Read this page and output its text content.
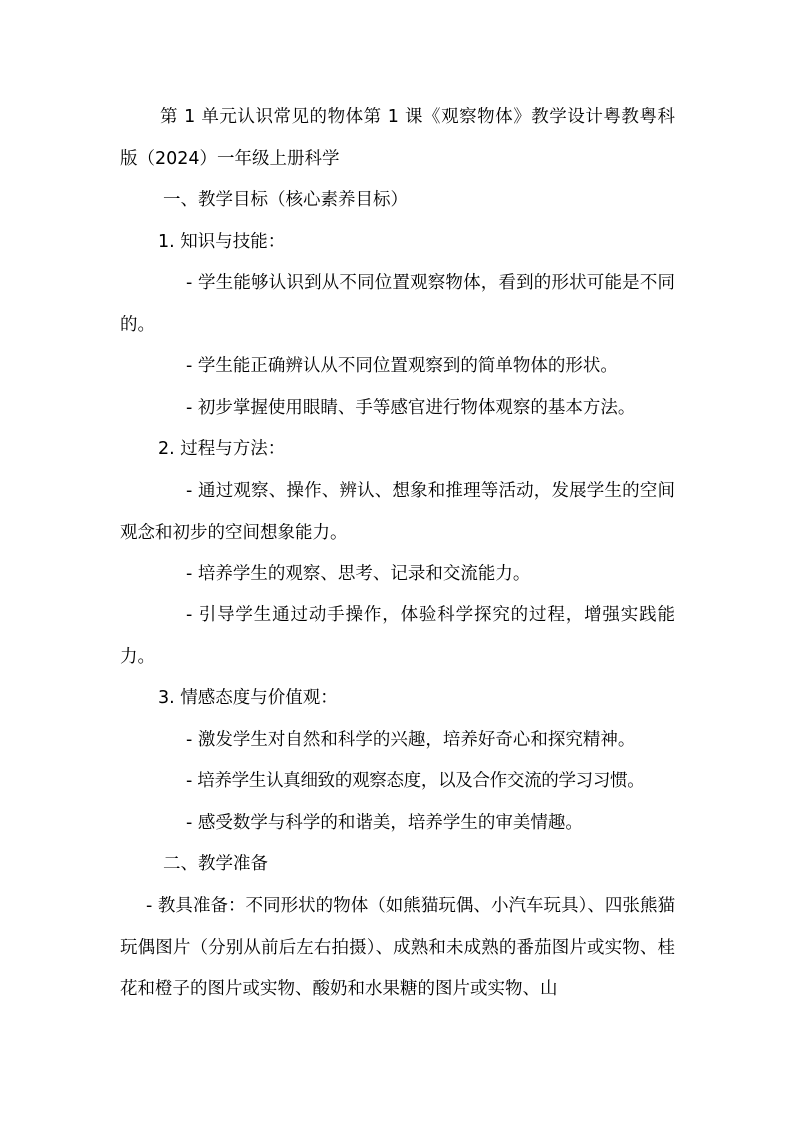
第 1 单元认识常见的物体第 1 课《观察物体》教学设计粤教粤科版（2024）一年级上册科学
一、教学目标（核心素养目标）
1. 知识与技能：
- 学生能够认识到从不同位置观察物体，看到的形状可能是不同的。
- 学生能正确辨认从不同位置观察到的简单物体的形状。
- 初步掌握使用眼睛、手等感官进行物体观察的基本方法。
2. 过程与方法：
- 通过观察、操作、辨认、想象和推理等活动，发展学生的空间观念和初步的空间想象能力。
- 培养学生的观察、思考、记录和交流能力。
- 引导学生通过动手操作，体验科学探究的过程，增强实践能力。
3. 情感态度与价值观：
- 激发学生对自然和科学的兴趣，培养好奇心和探究精神。
- 培养学生认真细致的观察态度，以及合作交流的学习习惯。
- 感受数学与科学的和谐美，培养学生的审美情趣。
二、教学准备
- 教具准备：不同形状的物体（如熊猫玩偶、小汽车玩具）、四张熊猫玩偶图片（分别从前后左右拍摄）、成熟和未成熟的番茄图片或实物、桂花和橙子的图片或实物、酸奶和水果糖的图片或实物、山
